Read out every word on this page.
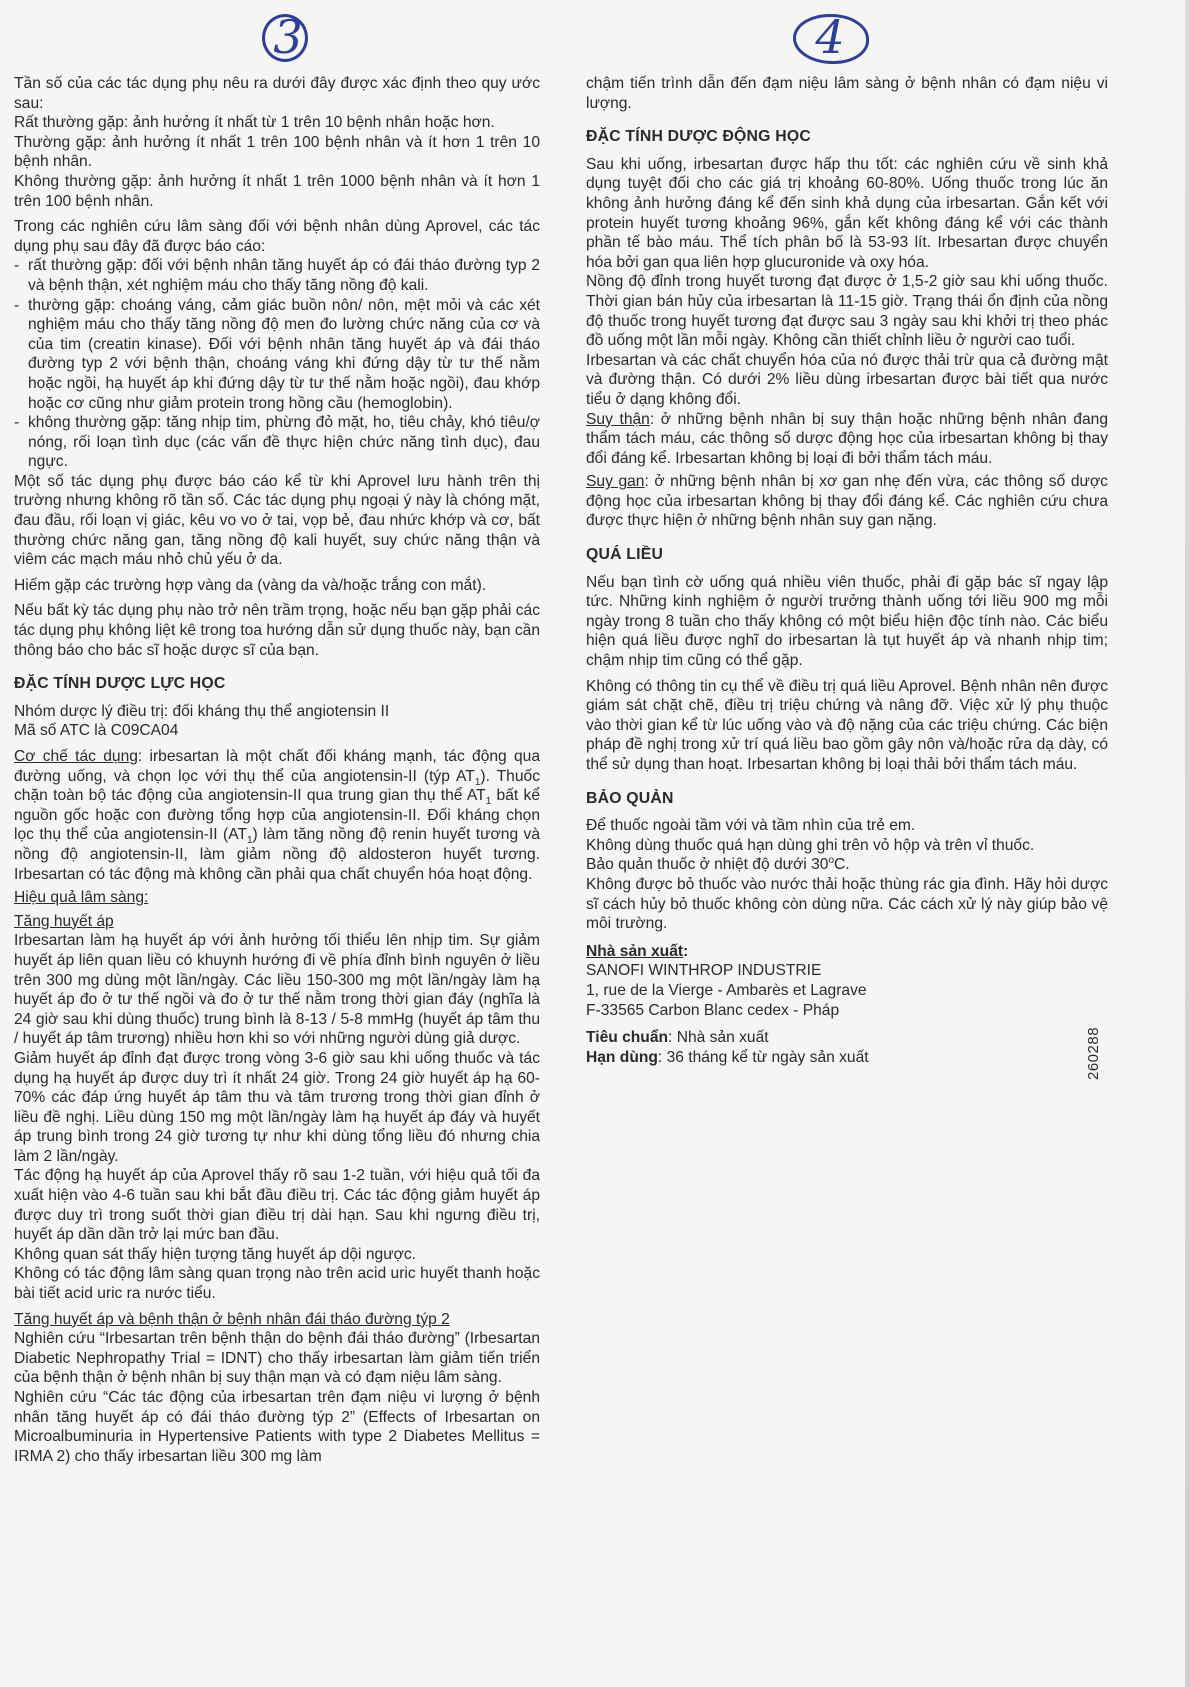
3	4

Tần số của các tác dụng phụ nêu ra dưới đây được xác định theo quy ước sau:

Rất thường gặp: ảnh hưởng ít nhất từ 1 trên 10 bệnh nhân hoặc hơn.

Thường gặp: ảnh hưởng ít nhất 1 trên 100 bệnh nhân và ít hơn 1 trên 10 bệnh nhân.

Không thường gặp: ảnh hưởng ít nhất 1 trên 1000 bệnh nhân và ít hơn 1 trên 100 bệnh nhân.

Trong các nghiên cứu lâm sàng đối với bệnh nhân dùng Aprovel, các tác dụng phụ sau đây đã được báo cáo:

- rất thường gặp: đối với bệnh nhân tăng huyết áp có đái tháo đường typ 2 và bệnh thận, xét nghiệm máu cho thấy tăng nồng độ kali.
- thường gặp: choáng váng, cảm giác buồn nôn/ nôn, mệt mỏi và các xét nghiệm máu cho thấy tăng nồng độ men đo lường chức năng của cơ và của tim (creatin kinase). Đối với bệnh nhân tăng huyết áp và đái tháo đường typ 2 với bệnh thận, choáng váng khi đứng dậy từ tư thế nằm hoặc ngồi, hạ huyết áp khi đứng dậy từ tư thế nằm hoặc ngồi), đau khớp hoặc cơ cũng như giảm protein trong hồng cầu (hemoglobin).
- không thường gặp: tăng nhịp tim, phừng đỏ mặt, ho, tiêu chảy, khó tiêu/ợ nóng, rối loạn tình dục (các vấn đề thực hiện chức năng tình dục), đau ngực.

Một số tác dụng phụ được báo cáo kể từ khi Aprovel lưu hành trên thị trường nhưng không rõ tần số. Các tác dụng phụ ngoại ý này là chóng mặt, đau đầu, rối loạn vị giác, kêu vo vo ở tai, vọp bẻ, đau nhức khớp và cơ, bất thường chức năng gan, tăng nồng độ kali huyết, suy chức năng thận và viêm các mạch máu nhỏ chủ yếu ở da.

Hiếm gặp các trường hợp vàng da (vàng da và/hoặc trắng con mắt).

Nếu bất kỳ tác dụng phụ nào trở nên trầm trọng, hoặc nếu bạn gặp phải các tác dụng phụ không liệt kê trong toa hướng dẫn sử dụng thuốc này, bạn cần thông báo cho bác sĩ hoặc dược sĩ của bạn.

ĐẶC TÍNH DƯỢC LỰC HỌC

Nhóm dược lý điều trị: đối kháng thụ thể angiotensin II

Mã số ATC là C09CA04

Cơ chế tác dụng: irbesartan là một chất đối kháng mạnh, tác động qua đường uống, và chọn lọc với thụ thể của angiotensin-II (týp $AT_1$). Thuốc chặn toàn bộ tác động của angiotensin-II qua trung gian thụ thể $AT_1$ bất kể nguồn gốc hoặc con đường tổng hợp của angiotensin-II. Đối kháng chọn lọc thụ thể của angiotensin-II $(AT_1)$ làm tăng nồng độ renin huyết tương và nồng độ angiotensin-II, làm giảm nồng độ aldosteron huyết tương. Irbesartan có tác động mà không cần phải qua chất chuyển hóa hoạt động.

Hiệu quả lâm sàng:

Tăng huyết áp

Irbesartan làm hạ huyết áp với ảnh hưởng tối thiểu lên nhịp tim. Sự giảm huyết áp liên quan liều có khuynh hướng đi về phía đỉnh bình nguyên ở liều trên 300 mg dùng một lần/ngày. Các liều 150-300 mg một lần/ngày làm hạ huyết áp đo ở tư thế ngồi và đo ở tư thế nằm trong thời gian đáy (nghĩa là 24 giờ sau khi dùng thuốc) trung bình là 8-13 / 5-8 mmHg (huyết áp tâm thu / huyết áp tâm trương) nhiều hơn khi so với những người dùng giả dược.

Giảm huyết áp đỉnh đạt được trong vòng 3-6 giờ sau khi uống thuốc và tác dụng hạ huyết áp được duy trì ít nhất 24 giờ. Trong 24 giờ huyết áp hạ 60-70% các đáp ứng huyết áp tâm thu và tâm trương trong thời gian đỉnh ở liều đề nghị. Liều dùng 150 mg một lần/ngày làm hạ huyết áp đáy và huyết áp trung bình trong 24 giờ tương tự như khi dùng tổng liều đó nhưng chia làm 2 lần/ngày.

Tác động hạ huyết áp của Aprovel thấy rõ sau 1-2 tuần, với hiệu quả tối đa xuất hiện vào 4-6 tuần sau khi bắt đầu điều trị. Các tác động giảm huyết áp được duy trì trong suốt thời gian điều trị dài hạn. Sau khi ngưng điều trị, huyết áp dần dần trở lại mức ban đầu.

Không quan sát thấy hiện tượng tăng huyết áp dội ngược.

Không có tác động lâm sàng quan trọng nào trên acid uric huyết thanh hoặc bài tiết acid uric ra nước tiểu.

Tăng huyết áp và bệnh thận ở bệnh nhân đái tháo đường týp 2

Nghiên cứu “Irbesartan trên bệnh thận do bệnh đái tháo đường” (Irbesartan Diabetic Nephropathy Trial = IDNT) cho thấy irbesartan làm giảm tiến triển của bệnh thận ở bệnh nhân bị suy thận mạn và có đạm niệu lâm sàng.

Nghiên cứu “Các tác động của irbesartan trên đạm niệu vi lượng ở bệnh nhân tăng huyết áp có đái tháo đường týp 2” (Effects of Irbesartan on Microalbuminuria in Hypertensive Patients with type 2 Diabetes Mellitus = IRMA 2) cho thấy irbesartan liều 300 mg làm

chậm tiến trình dẫn đến đạm niệu lâm sàng ở bệnh nhân có đạm niệu vi lượng.

ĐẶC TÍNH DƯỢC ĐỘNG HỌC

Sau khi uống, irbesartan được hấp thu tốt: các nghiên cứu về sinh khả dụng tuyệt đối cho các giá trị khoảng 60-80%. Uống thuốc trong lúc ăn không ảnh hưởng đáng kể đến sinh khả dụng của irbesartan. Gắn kết với protein huyết tương khoảng 96%, gắn kết không đáng kể với các thành phần tế bào máu. Thể tích phân bố là 53-93 lít. Irbesartan được chuyển hóa bởi gan qua liên hợp glucuronide và oxy hóa.

Nồng độ đỉnh trong huyết tương đạt được ở 1,5-2 giờ sau khi uống thuốc. Thời gian bán hủy của irbesartan là 11-15 giờ. Trạng thái ổn định của nồng độ thuốc trong huyết tương đạt được sau 3 ngày sau khi khởi trị theo phác đồ uống một lần mỗi ngày. Không cần thiết chỉnh liều ở người cao tuổi.

Irbesartan và các chất chuyển hóa của nó được thải trừ qua cả đường mật và đường thận. Có dưới 2% liều dùng irbesartan được bài tiết qua nước tiểu ở dạng không đổi.

Suy thận: ở những bệnh nhân bị suy thận hoặc những bệnh nhân đang thẩm tách máu, các thông số dược động học của irbesartan không bị thay đổi đáng kể. Irbesartan không bị loại đi bởi thẩm tách máu.

Suy gan: ở những bệnh nhân bị xơ gan nhẹ đến vừa, các thông số dược động học của irbesartan không bị thay đổi đáng kể. Các nghiên cứu chưa được thực hiện ở những bệnh nhân suy gan nặng.

QUÁ LIỀU

Nếu bạn tình cờ uống quá nhiều viên thuốc, phải đi gặp bác sĩ ngay lập tức. Những kinh nghiệm ở người trưởng thành uống tới liều 900 mg mỗi ngày trong 8 tuần cho thấy không có một biểu hiện độc tính nào. Các biểu hiện quá liều được nghĩ do irbesartan là tụt huyết áp và nhanh nhịp tim; chậm nhịp tim cũng có thể gặp.

Không có thông tin cụ thể về điều trị quá liều Aprovel. Bệnh nhân nên được giám sát chặt chẽ, điều trị triệu chứng và nâng đỡ. Việc xử lý phụ thuộc vào thời gian kể từ lúc uống vào và độ nặng của các triệu chứng. Các biện pháp đề nghị trong xử trí quá liều bao gồm gây nôn và/hoặc rửa dạ dày, có thể sử dụng than hoạt. Irbesartan không bị loại thải bởi thẩm tách máu.

BẢO QUẢN

Để thuốc ngoài tầm với và tầm nhìn của trẻ em.

Không dùng thuốc quá hạn dùng ghi trên vỏ hộp và trên vỉ thuốc.

Bảo quản thuốc ở nhiệt độ dưới 30$^o$C.

Không được bỏ thuốc vào nước thải hoặc thùng rác gia đình. Hãy hỏi dược sĩ cách hủy bỏ thuốc không còn dùng nữa. Các cách xử lý này giúp bảo vệ môi trường.

Nhà sản xuất:

SANOFI WINTHROP INDUSTRIE

1, rue de la Vierge - Ambarès et Lagrave

F-33565 Carbon Blanc cedex - Pháp

Tiêu chuẩn: Nhà sản xuất

Hạn dùng: 36 tháng kể từ ngày sản xuất	260288
